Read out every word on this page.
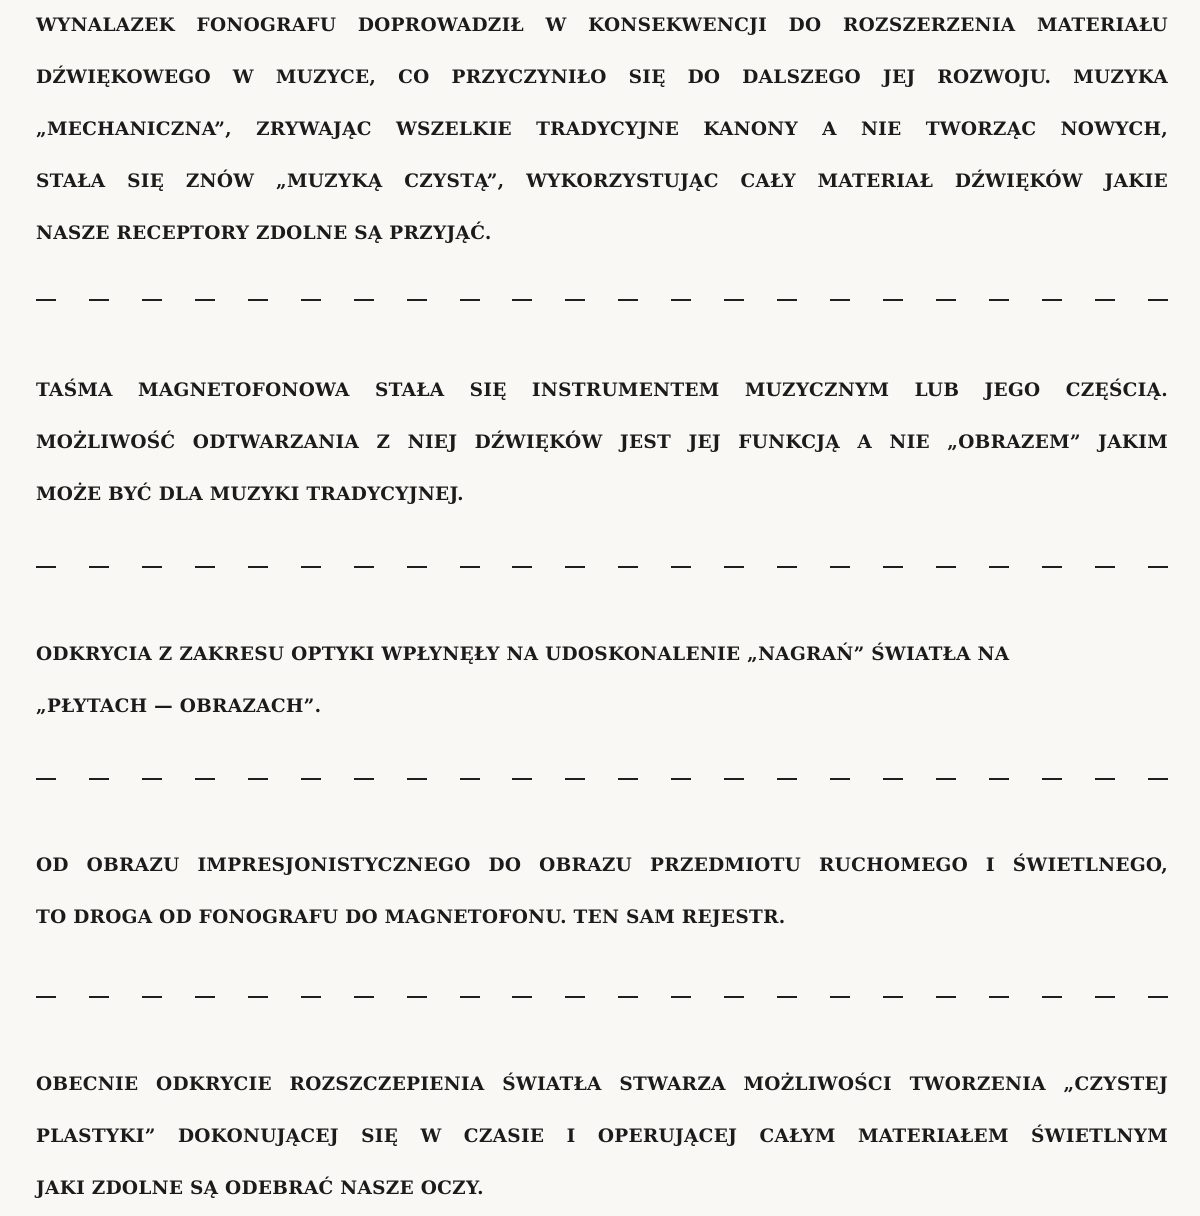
WYNALAZEK FONOGRAFU DOPROWADZIŁ W KONSEKWENCJI DO ROZSZERZENIA MATERIAŁU
DŹWIĘKOWEGO W MUZYCE, CO PRZYCZYNIŁO SIĘ DO DALSZEGO JEJ ROZWOJU. MUZYKA
„MECHANICZNA”, ZRYWAJĄC WSZELKIE TRADYCYJNE KANONY A NIE TWORZĄC NOWYCH,
STAŁA SIĘ ZNÓW „MUZYKĄ CZYSTĄ”, WYKORZYSTUJĄC CAŁY MATERIAŁ DŹWIĘKÓW JAKIE
NASZE RECEPTORY ZDOLNE SĄ PRZYJĄĆ.
TAŚMA MAGNETOFONOWA STAŁA SIĘ INSTRUMENTEM MUZYCZNYM LUB JEGO CZĘŚCIĄ.
MOŻLIWOŚĆ ODTWARZANIA Z NIEJ DŹWIĘKÓW JEST JEJ FUNKCJĄ A NIE „OBRAZEM” JAKIM
MOŻE BYĆ DLA MUZYKI TRADYCYJNEJ.
ODKRYCIA Z ZAKRESU OPTYKI WPŁYNĘŁY NA UDOSKONALENIE „NAGRAŃ” ŚWIATŁA NA
„PŁYTACH — OBRAZACH”.
OD OBRAZU IMPRESJONISTYCZNEGO DO OBRAZU PRZEDMIOTU RUCHOMEGO I ŚWIETLNEGO,
TO DROGA OD FONOGRAFU DO MAGNETOFONU. TEN SAM REJESTR.
OBECNIE ODKRYCIE ROZSZCZEPIENIA ŚWIATŁA STWARZA MOŻLIWOŚCI TWORZENIA „CZYSTEJ
PLASTYKI” DOKONUJĄCEJ SIĘ W CZASIE I OPERUJĄCEJ CAŁYM MATERIAŁEM ŚWIETLNYM
JAKI ZDOLNE SĄ ODEBRAĆ NASZE OCZY.
